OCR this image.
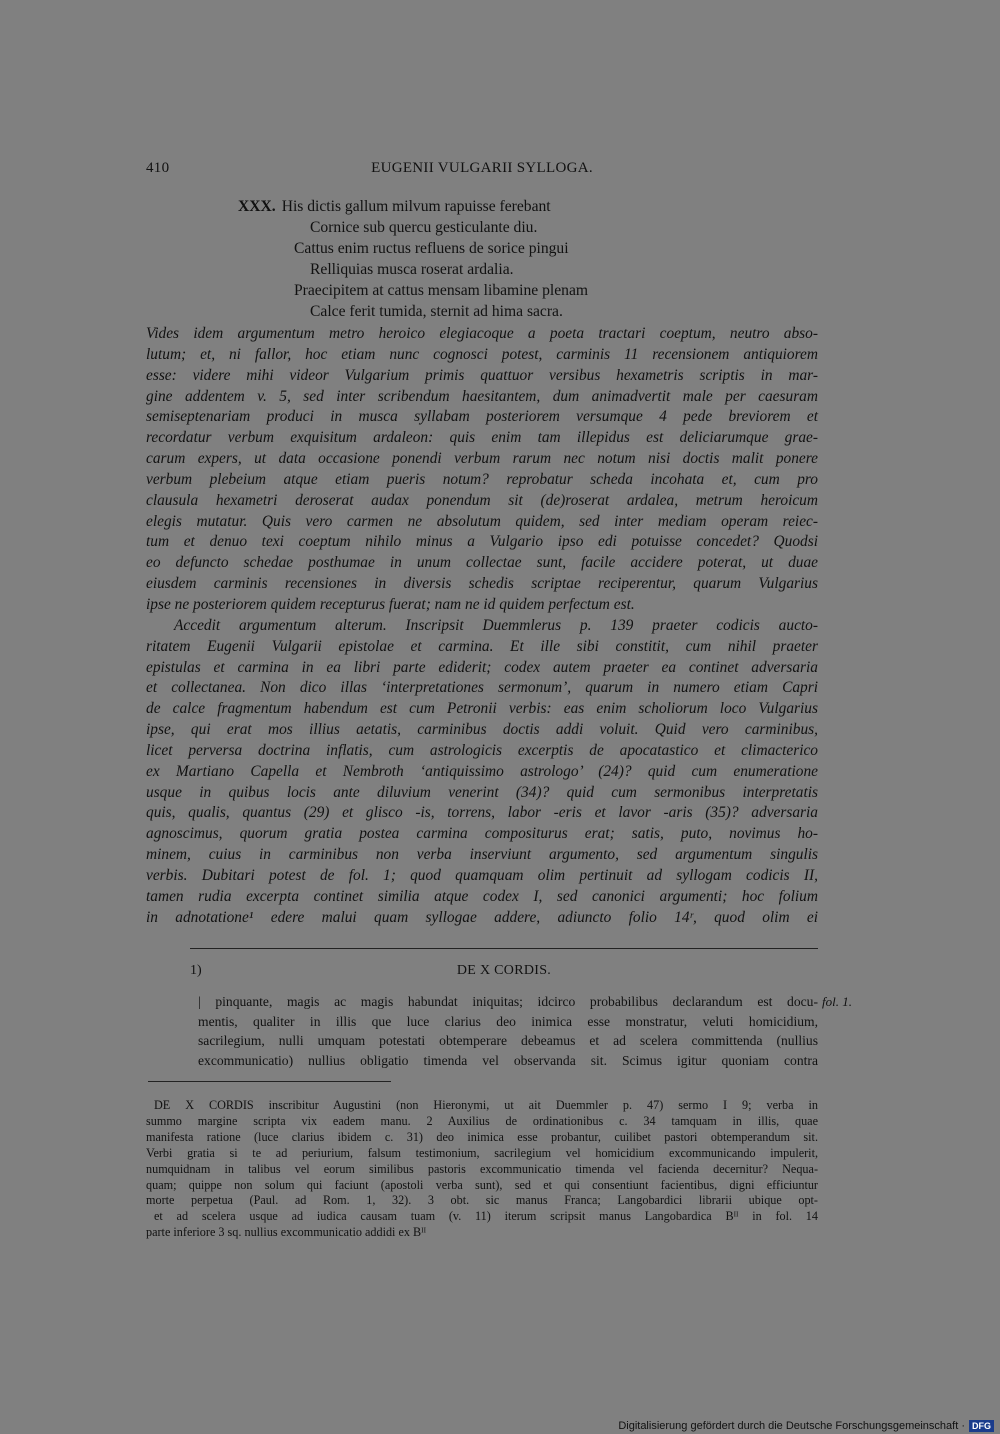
410	EUGENII VULGARII SYLLOGA.
XXX. His dictis gallum milvum rapuisse ferebant
Cornice sub quercu gesticulante diu.
Cattus enim ructus refluens de sorice pingui
Relliquias musca roserat ardalia.
Praecipitem at cattus mensam libamine plenam
Calce ferit tumida, sternit ad hima sacra.
Vides idem argumentum metro heroico elegiacoque a poeta tractari coeptum, neutro abso-
lutum; et, ni fallor, hoc etiam nunc cognosci potest, carminis 11 recensionem antiquiorem
esse: videre mihi videor Vulgarium primis quattuor versibus hexametris scriptis in mar-
gine addentem v. 5, sed inter scribendum haesitantem, dum animadvertit male per caesuram
semiseptenariam produci in musca syllabam posteriorem versumque 4 pede breviorem et
recordatur verbum exquisitum ardaleon: quis enim tam illepidus est deliciarumque grae-
carum expers, ut data occasione ponendi verbum rarum nec notum nisi doctis malit ponere
verbum plebeium atque etiam pueris notum? reprobatur scheda incohata et, cum pro
clausula hexametri deroserat audax ponendum sit (de)roserat ardalea, metrum heroicum
elegis mutatur. Quis vero carmen ne absolutum quidem, sed inter mediam operam reiec-
tum et denuo texi coeptum nihilo minus a Vulgario ipso edi potuisse concedet? Quodsi
eo defuncto schedae posthumae in unum collectae sunt, facile accidere poterat, ut duae
eiusdem carminis recensiones in diversis schedis scriptae reciperentur, quarum Vulgarius
ipse ne posteriorem quidem recepturus fuerat; nam ne id quidem perfectum est.
Accedit argumentum alterum. Inscripsit Duemmlerus p. 139 praeter codicis aucto-
ritatem Eugenii Vulgarii epistolae et carmina. Et ille sibi constitit, cum nihil praeter
epistulas et carmina in ea libri parte ediderit; codex autem praeter ea continet adversaria
et collectanea. Non dico illas ‘interpretationes sermonum’, quarum in numero etiam Capri
de calce fragmentum habendum est cum Petronii verbis: eas enim scholiorum loco Vulgarius
ipse, qui erat mos illius aetatis, carminibus doctis addi voluit. Quid vero carminibus,
licet perversa doctrina inflatis, cum astrologicis excerptis de apocatastico et climacterico
ex Martiano Capella et Nembroth ‘antiquissimo astrologo’ (24)? quid cum enumeratione
usque in quibus locis ante diluvium venerint (34)? quid cum sermonibus interpretatis
quis, qualis, quantus (29) et glisco -is, torrens, labor -eris et lavor -aris (35)? adversaria
agnoscimus, quorum gratia postea carmina compositurus erat; satis, puto, novimus ho-
minem, cuius in carminibus non verba inserviunt argumento, sed argumentum singulis
verbis. Dubitari potest de fol. 1; quod quamquam olim pertinuit ad syllogam codicis II,
tamen rudia excerpta continet similia atque codex I, sed canonici argumenti; hoc folium
in adnotatione¹ edere malui quam syllogae addere, adiuncto folio 14ʳ, quod olim ei
1)	DE X CORDIS.
| pinquante, magis ac magis habundat iniquitas; idcirco probabilibus declarandum est docu-
mentis, qualiter in illis que luce clarius deo inimica esse monstratur, veluti homicidium,
sacrilegium, nulli umquam potestati obtemperare debeamus et ad scelera committenda (nullius
excommunicatio) nullius obligatio timenda vel observanda sit. Scimus igitur quoniam contra
fol. 1.
DE X CORDIS inscribitur Augustini (non Hieronymi, ut ait Duemmler p. 47) sermo I 9; verba in
summo margine scripta vix eadem manu. 2 Auxilius de ordinationibus c. 34 tamquam in illis, quae
manifesta ratione (luce clarius ibidem c. 31) deo inimica esse probantur, cuilibet pastori obtemperandum sit.
Verbi gratia si te ad periurium, falsum testimonium, sacrilegium vel homicidium excommunicando impulerit,
numquidnam in talibus vel eorum similibus pastoris excommunicatio timenda vel facienda decernitur? Nequa-
quam; quippe non solum qui faciunt (apostoli verba sunt), sed et qui consentiunt facientibus, digni efficiuntur
morte perpetua (Paul. ad Rom. 1, 32). 3 obt. sic manus Franca; Langobardici librarii ubique opt-
et ad scelera usque ad iudica causam tuam (v. 11) iterum scripsit manus Langobardica Bᴵᴵ in fol. 14
parte inferiore 3 sq. nullius excommunicatio addidi ex Bᴵᴵ
Digitalisierung gefördert durch die Deutsche Forschungsgemeinschaft · DFG
